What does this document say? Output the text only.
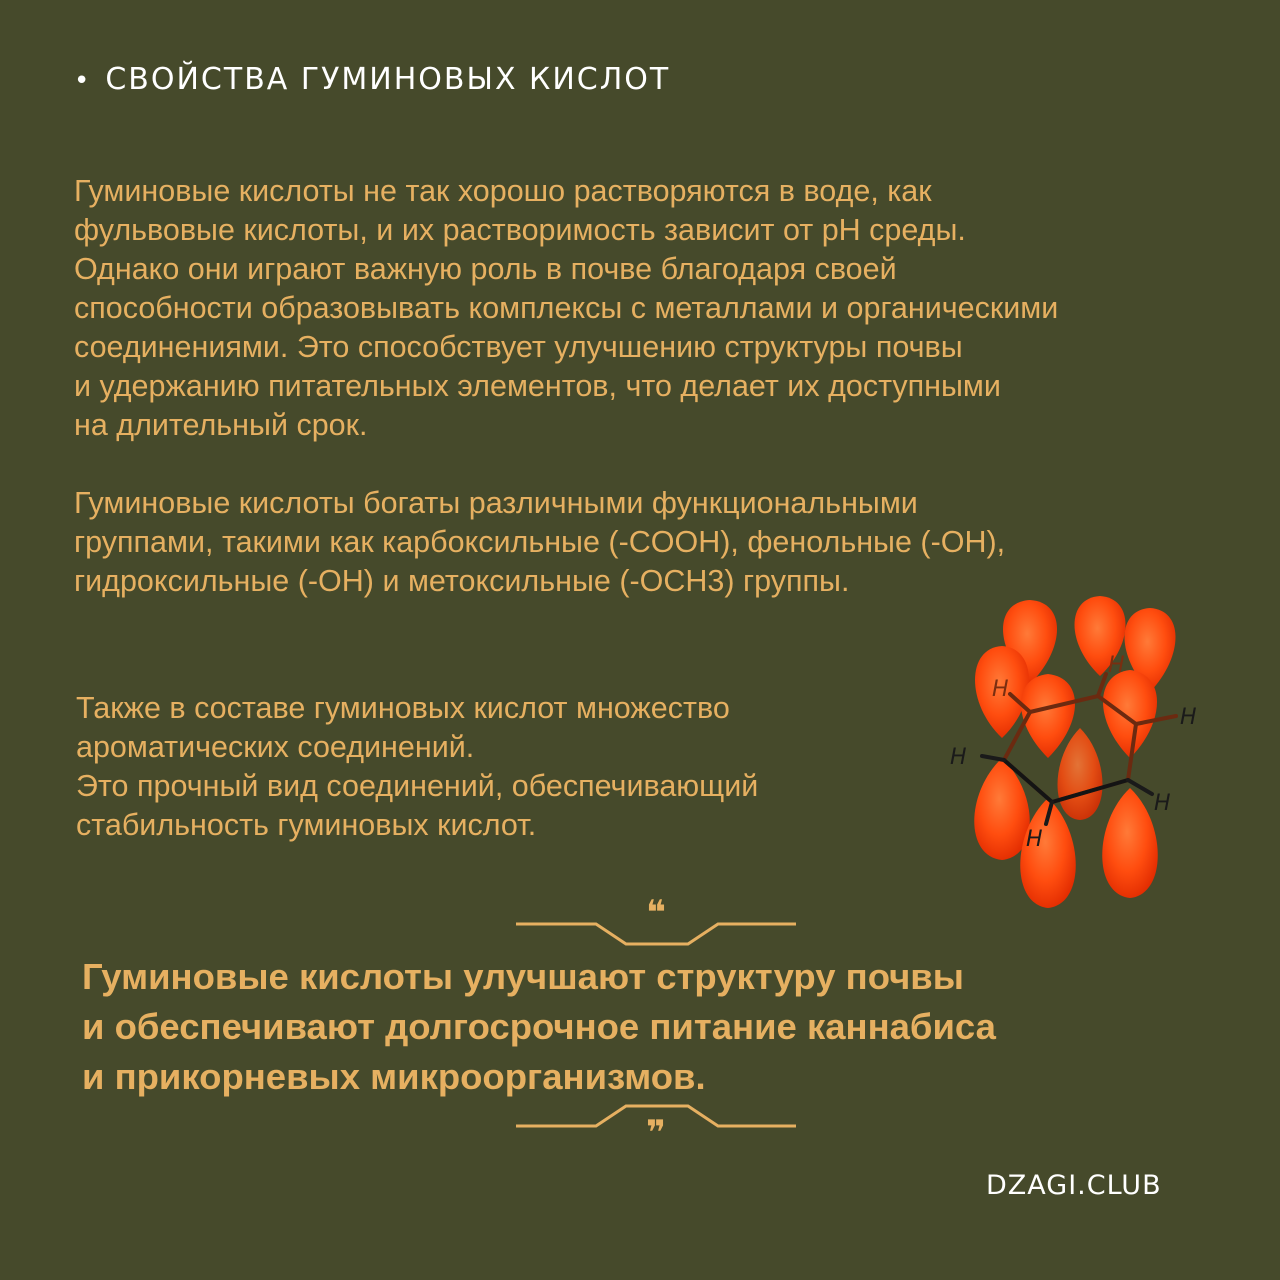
• СВОЙСТВА ГУМИНОВЫХ КИСЛОТ

Гуминовые кислоты не так хорошо растворяются в воде, как
фульвовые кислоты, и их растворимость зависит от pH среды.
Однако они играют важную роль в почве благодаря своей
способности образовывать комплексы с металлами и органическими
соединениями. Это способствует улучшению структуры почвы
и удержанию питательных элементов, что делает их доступными
на длительный срок.

Гуминовые кислоты богаты различными функциональными
группами, такими как карбоксильные (-COOH), фенольные (-OH),
гидроксильные (-OH) и метоксильные (-OCH3) группы.

Также в составе гуминовых кислот множество
ароматических соединений.
Это прочный вид соединений, обеспечивающий
стабильность гуминовых кислот.

H
H
H
H
H
H
❝

Гуминовые кислоты улучшают структуру почвы
и обеспечивают долгосрочное питание каннабиса
и прикорневых микроорганизмов.

❞
DZAGI.CLUB
